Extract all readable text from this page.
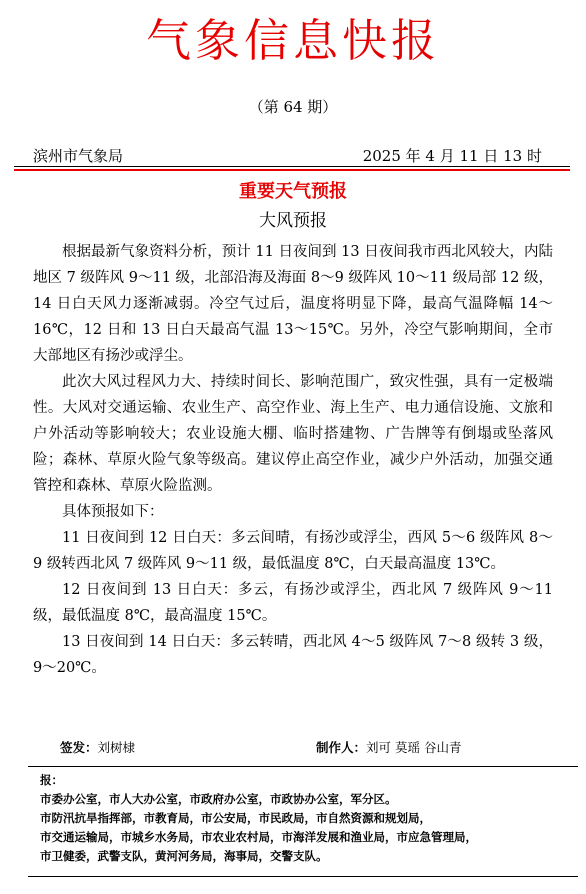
气象信息快报
（第 64 期）
滨州市气象局	2025 年 4 月 11 日 13 时
重要天气预报
大风预报

根据最新气象资料分析，预计 11 日夜间到 13 日夜间我市西北风较大，内陆地区 7 级阵风 9～11 级，北部沿海及海面 8～9 级阵风 10～11 级局部 12 级，14 日白天风力逐渐减弱。冷空气过后，温度将明显下降，最高气温降幅 14～16℃，12 日和 13 日白天最高气温 13～15℃。另外，冷空气影响期间，全市大部地区有扬沙或浮尘。

此次大风过程风力大、持续时间长、影响范围广，致灾性强，具有一定极端性。大风对交通运输、农业生产、高空作业、海上生产、电力通信设施、文旅和户外活动等影响较大；农业设施大棚、临时搭建物、广告牌等有倒塌或坠落风险；森林、草原火险气象等级高。建议停止高空作业，减少户外活动，加强交通管控和森林、草原火险监测。

具体预报如下：

11 日夜间到 12 日白天：多云间晴，有扬沙或浮尘，西风 5～6 级阵风 8～9 级转西北风 7 级阵风 9～11 级，最低温度 8℃，白天最高温度 13℃。

12 日夜间到 13 日白天：多云，有扬沙或浮尘，西北风 7 级阵风 9～11 级，最低温度 8℃，最高温度 15℃。

13 日夜间到 14 日白天：多云转晴，西北风 4～5 级阵风 7～8 级转 3 级，9～20℃。

签发：刘树棣	制作人：刘可 莫瑶 谷山青
报：
市委办公室，市人大办公室，市政府办公室，市政协办公室，军分区。
市防汛抗旱指挥部，市教育局，市公安局，市民政局，市自然资源和规划局，
市交通运输局，市城乡水务局，市农业农村局，市海洋发展和渔业局，市应急管理局，
市卫健委，武警支队，黄河河务局，海事局，交警支队。
